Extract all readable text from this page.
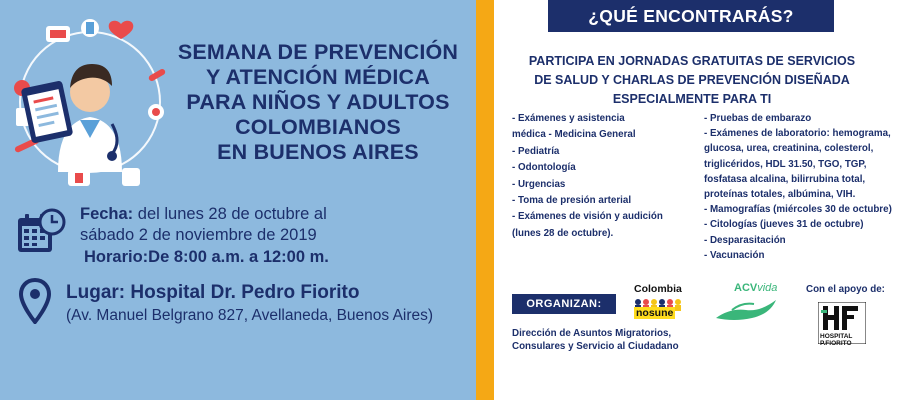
SEMANA DE PREVENCIÓN
Y ATENCIÓN MÉDICA
PARA NIÑOS Y ADULTOS
COLOMBIANOS
EN BUENOS AIRES
Fecha: del lunes 28 de octubre al
sábado 2 de noviembre de 2019
Horario:De 8:00 a.m. a 12:00 m.
Lugar: Hospital Dr. Pedro Fiorito
(Av. Manuel Belgrano 827, Avellaneda, Buenos Aires)
¿QUÉ ENCONTRARÁS?
PARTICIPA EN JORNADAS GRATUITAS DE SERVICIOS
DE SALUD Y CHARLAS DE PREVENCIÓN DISEÑADA
ESPECIALMENTE PARA TI
- Exámenes y asistencia
médica - Medicina General
- Pediatría
- Odontología
- Urgencias
- Toma de presión arterial
- Exámenes de visión y audición
(lunes 28 de octubre).
- Pruebas de embarazo
- Exámenes de laboratorio: hemograma,
glucosa, urea, creatinina, colesterol,
triglicéridos, HDL 31.50, TGO, TGP,
fosfatasa alcalina, bilirrubina total,
proteínas totales, albúmina, VIH.
- Mamografías (miércoles 30 de octubre)
- Citologías (jueves 31 de octubre)
- Desparasitación
- Vacunación
ORGANIZAN:
Dirección de Asuntos Migratorios,
Consulares y Servicio al Ciudadano
Colombia
nosune
ACVvida	Con el apoyo de:
HOSPITAL
P.FIORITO
